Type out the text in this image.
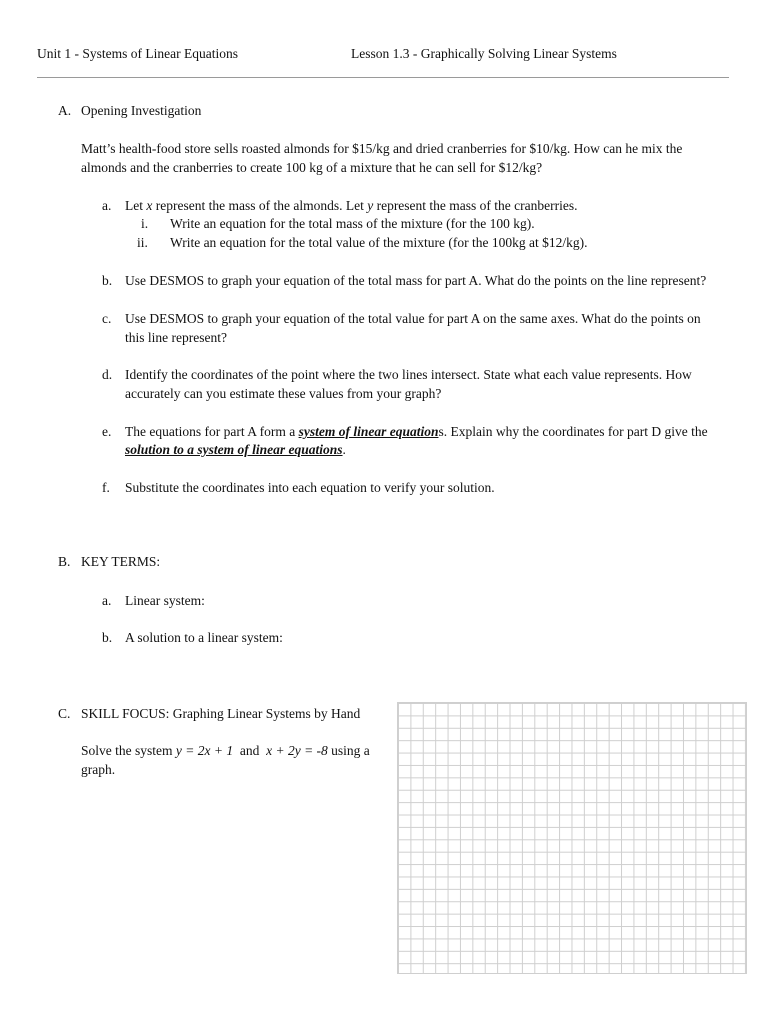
Unit 1 - Systems of Linear Equations	Lesson 1.3 - Graphically Solving Linear Systems
A. Opening Investigation
Matt’s health-food store sells roasted almonds for $15/kg and dried cranberries for $10/kg. How can he mix the
almonds and the cranberries to create 100 kg of a mixture that he can sell for $12/kg?
a. Let x represent the mass of the almonds. Let y represent the mass of the cranberries.
i. Write an equation for the total mass of the mixture (for the 100 kg).
ii. Write an equation for the total value of the mixture (for the 100kg at $12/kg).
b. Use DESMOS to graph your equation of the total mass for part A. What do the points on the line represent?
c. Use DESMOS to graph your equation of the total value for part A on the same axes. What do the points on
this line represent?
d. Identify the coordinates of the point where the two lines intersect. State what each value represents. How
accurately can you estimate these values from your graph?
e. The equations for part A form a system of linear equations. Explain why the coordinates for part D give the
solution to a system of linear equations.
f. Substitute the coordinates into each equation to verify your solution.
B. KEY TERMS:
a. Linear system:
b. A solution to a linear system:
C. SKILL FOCUS: Graphing Linear Systems by Hand
Solve the system y = 2x + 1  and  x + 2y = -8 using a
graph.
